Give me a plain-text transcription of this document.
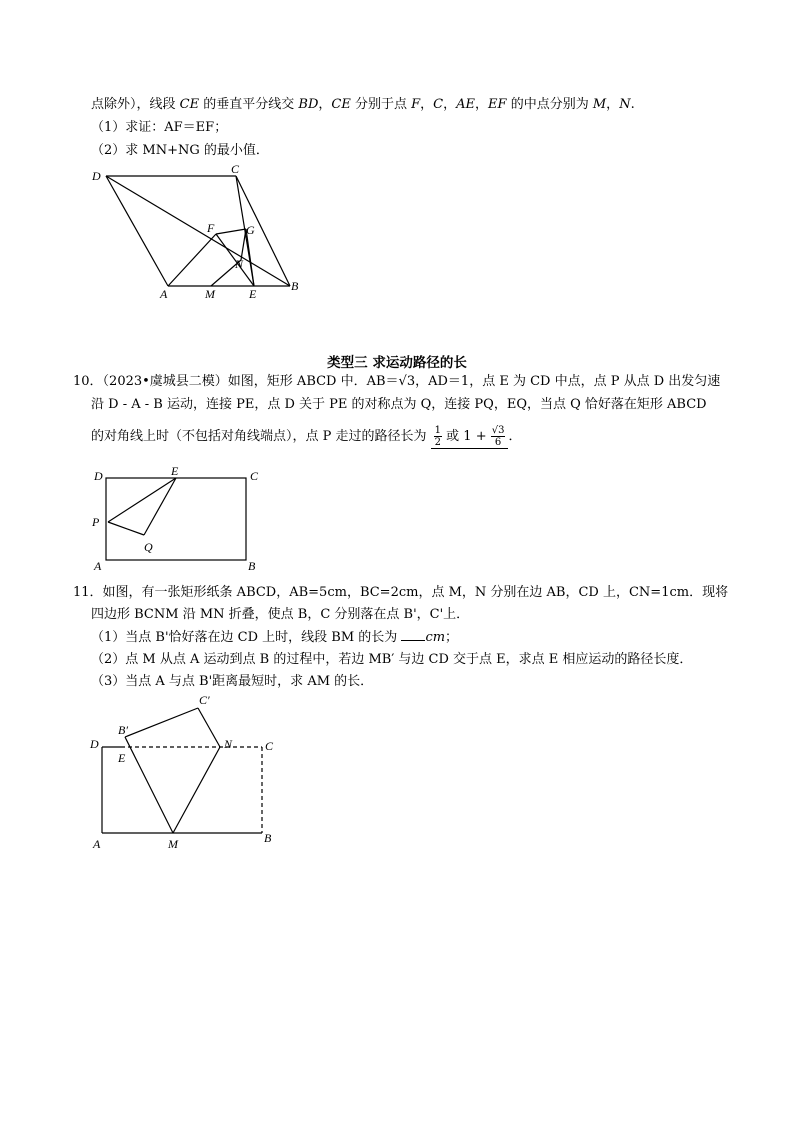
点除外），线段 CE 的垂直平分线交 BD，CE 分别于点 F，C，AE，EF 的中点分别为 M，N.
（1）求证：AF＝EF；
（2）求 MN+NG 的最小值．
D	C
F	G
N
A	M	E
B
类型三 求运动路径的长
10．（2023•虞城县二模）如图，矩形 ABCD 中．AB＝√3，AD＝1，点 E 为 CD 中点，点 P 从点 D 出发匀速
沿 D - A - B 运动，连接 PE，点 D 关于 PE 的对称点为 Q，连接 PQ，EQ，当点 Q 恰好落在矩形 ABCD
的对角线上时（不包括对角线端点），点 P 走过的路径长为 $\frac{1}{2}$ 或 $1 + \frac{√3}{6}$ ．
D	E	C
P
Q
A	B
11．如图，有一张矩形纸条 ABCD，AB=5cm，BC=2cm，点 M，N 分别在边 AB，CD 上，CN=1cm．现将
四边形 BCNM 沿 MN 折叠，使点 B，C 分别落在点 B'，C'上．
（1）当点 B'恰好落在边 CD 上时，线段 BM 的长为 cm；
（2）点 M 从点 A 运动到点 B 的过程中，若边 MB′ 与边 CD 交于点 E，求点 E 相应运动的路径长度．
（3）当点 A 与点 B'距离最短时，求 AM 的长．
C′
B′
D	N	C
E
A	M	B
